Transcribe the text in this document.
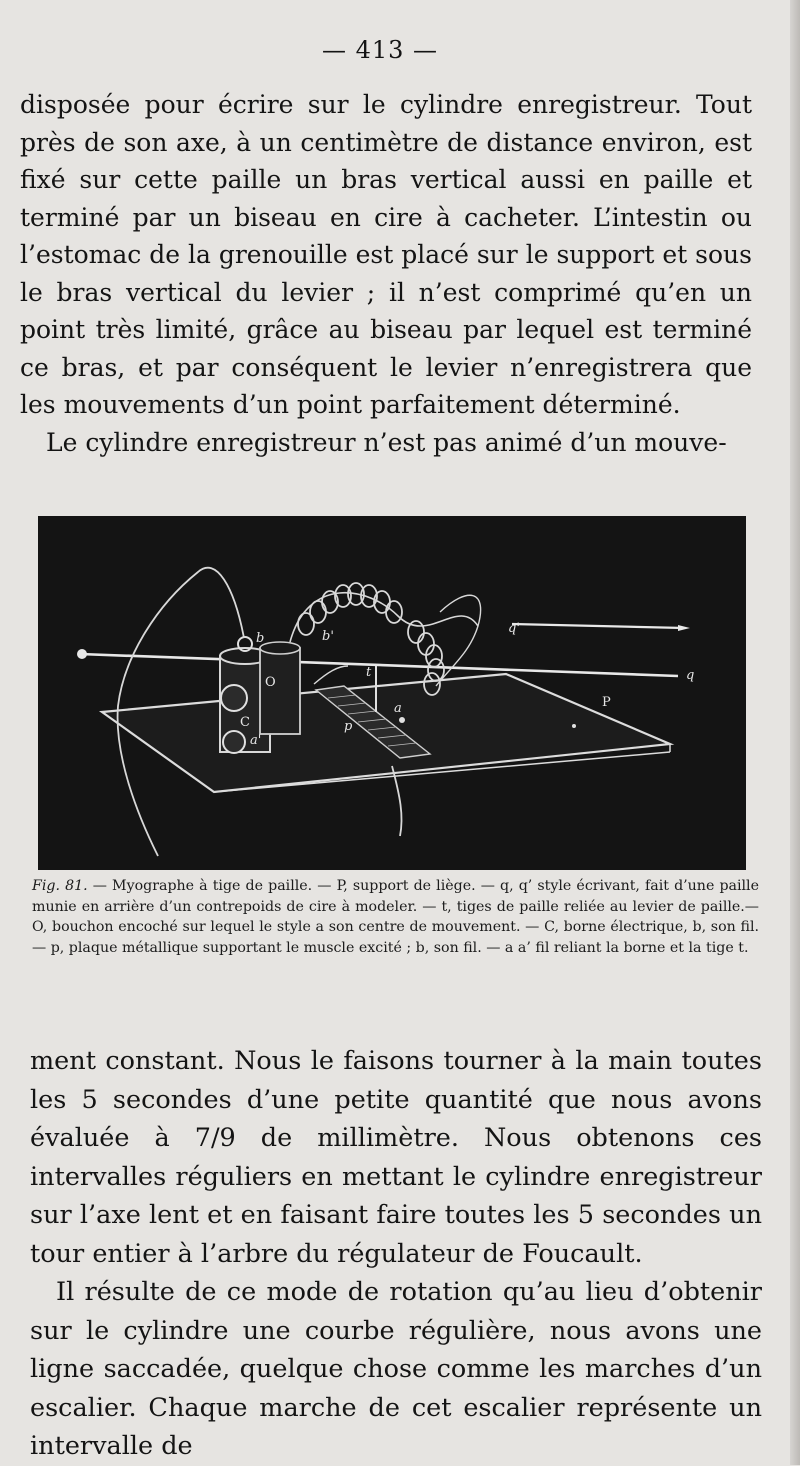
— 413 —

disposée pour écrire sur le cylindre enregistreur. Tout près de son axe, à un centimètre de distance environ, est fixé sur cette paille un bras vertical aussi en paille et terminé par un biseau en cire à cacheter. L’intestin ou l’estomac de la grenouille est placé sur le support et sous le bras vertical du levier ; il n’est comprimé qu’en un point très limité, grâce au biseau par lequel est terminé ce bras, et par conséquent le levier n’enregistrera que les mouvements d’un point parfaitement déterminé.

Le cylindre enregistreur n’est pas animé d’un mouve-

P
q
q'
b	b'
O
C
t
p
a
a'
Fig. 81. — Myographe à tige de paille. — P, support de liège. — q, q’ style écrivant, fait d’une paille munie en arrière d’un contrepoids de cire à modeler. — t, tiges de paille reliée au levier de paille.— O, bouchon encoché sur lequel le style a son centre de mouvement. — C, borne électrique, b, son fil. — p, plaque métallique supportant le muscle excité ; b, son fil. — a a’ fil reliant la borne et la tige t.

ment constant. Nous le faisons tourner à la main toutes les 5 secondes d’une petite quantité que nous avons évaluée à 7/9 de millimètre. Nous obtenons ces intervalles réguliers en mettant le cylindre enregistreur sur l’axe lent et en faisant faire toutes les 5 secondes un tour entier à l’arbre du régulateur de Foucault.

Il résulte de ce mode de rotation qu’au lieu d’obtenir sur le cylindre une courbe régulière, nous avons une ligne saccadée, quelque chose comme les marches d’un escalier. Chaque marche de cet escalier représente un intervalle de
